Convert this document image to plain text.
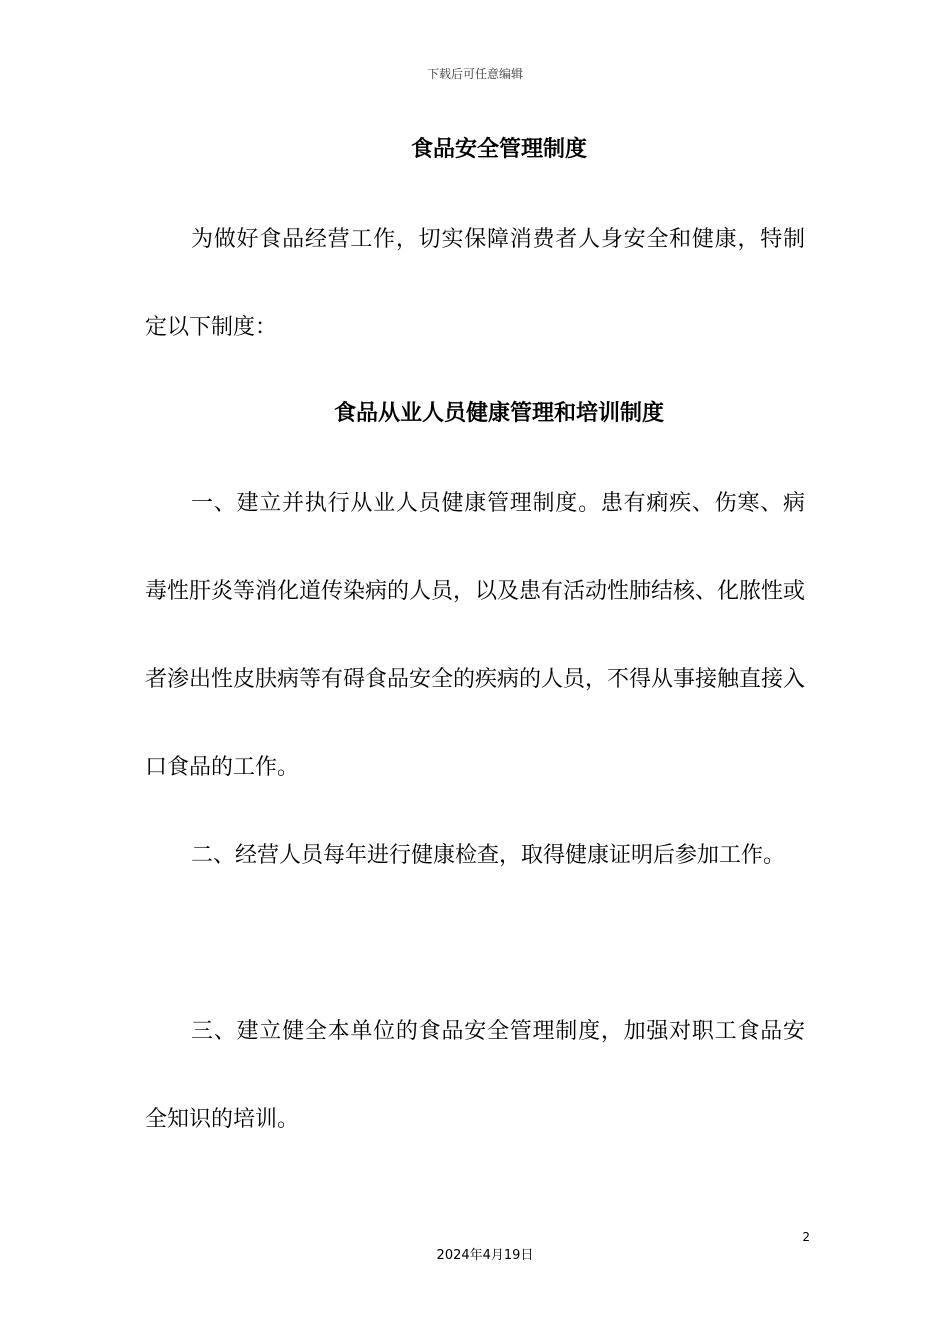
下载后可任意编辑
食品安全管理制度

为做好食品经营工作，切实保障消费者人身安全和健康，特制定以下制度：

食品从业人员健康管理和培训制度

一、建立并执行从业人员健康管理制度。患有痢疾、伤寒、病毒性肝炎等消化道传染病的人员，以及患有活动性肺结核、化脓性或者渗出性皮肤病等有碍食品安全的疾病的人员，不得从事接触直接入口食品的工作。

二、经营人员每年进行健康检查，取得健康证明后参加工作。

三、建立健全本单位的食品安全管理制度，加强对职工食品安全知识的培训。

2
2024年4月19日
